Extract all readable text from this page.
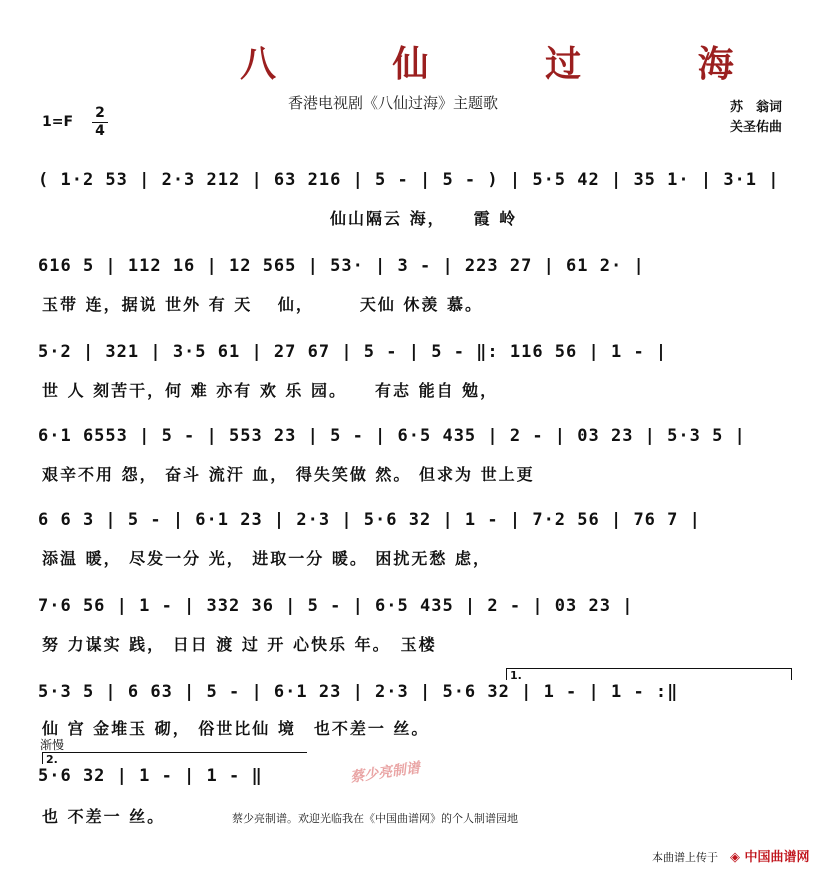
八 仙 过 海
香港电视剧《八仙过海》主题歌	苏　翁词
关圣佑曲
1=F
2
4
( 1·2 53 | 2·3 212 | 63 216 | 5 - | 5 - ) | 5·5 42 | 35 1· | 3·1 |
　　　　　　　　　　　　　　　　仙山隔云 海，　　霞 岭
616 5 | 112 16 | 12 565 | 53· | 3 - | 223 27 | 61 2· |
玉带 连，据说 世外 有 天 　仙，　　　天仙 休羡 慕。
5·2 | 321 | 3·5 61 | 27 67 | 5 - | 5 - ‖: 116 56 | 1 - |
世 人 刻苦干，何 难 亦有 欢 乐 园。　　有志 能自 勉，
6·1 6553 | 5 - | 553 23 | 5 - | 6·5 435 | 2 - | 03 23 | 5·3 5 |
艰辛不用 怨， 奋斗 流汗 血， 得失笑做 然。 但求为 世上更
6 6 3 | 5 - | 6·1 23 | 2·3 | 5·6 32 | 1 - | 7·2 56 | 76 7 |
添温 暖， 尽发一分 光， 进取一分 暖。 困扰无愁 虑，
7·6 56 | 1 - | 332 36 | 5 - | 6·5 435 | 2 - | 03 23 |
努 力谋实 践， 日日 渡 过 开 心快乐 年。　玉楼
1.
5·3 5 | 6 63 | 5 - | 6·1 23 | 2·3 | 5·6 32 | 1 - | 1 - :‖
仙 宫 金堆玉 砌， 俗世比仙 境　也不差一 丝。
渐慢
2.
5·6 32 | 1 - | 1 - ‖	蔡少亮制谱
也 不差一 丝。	蔡少亮制谱。欢迎光临我在《中国曲谱网》的个人制谱园地
本曲谱上传于 ◈ 中国曲谱网
